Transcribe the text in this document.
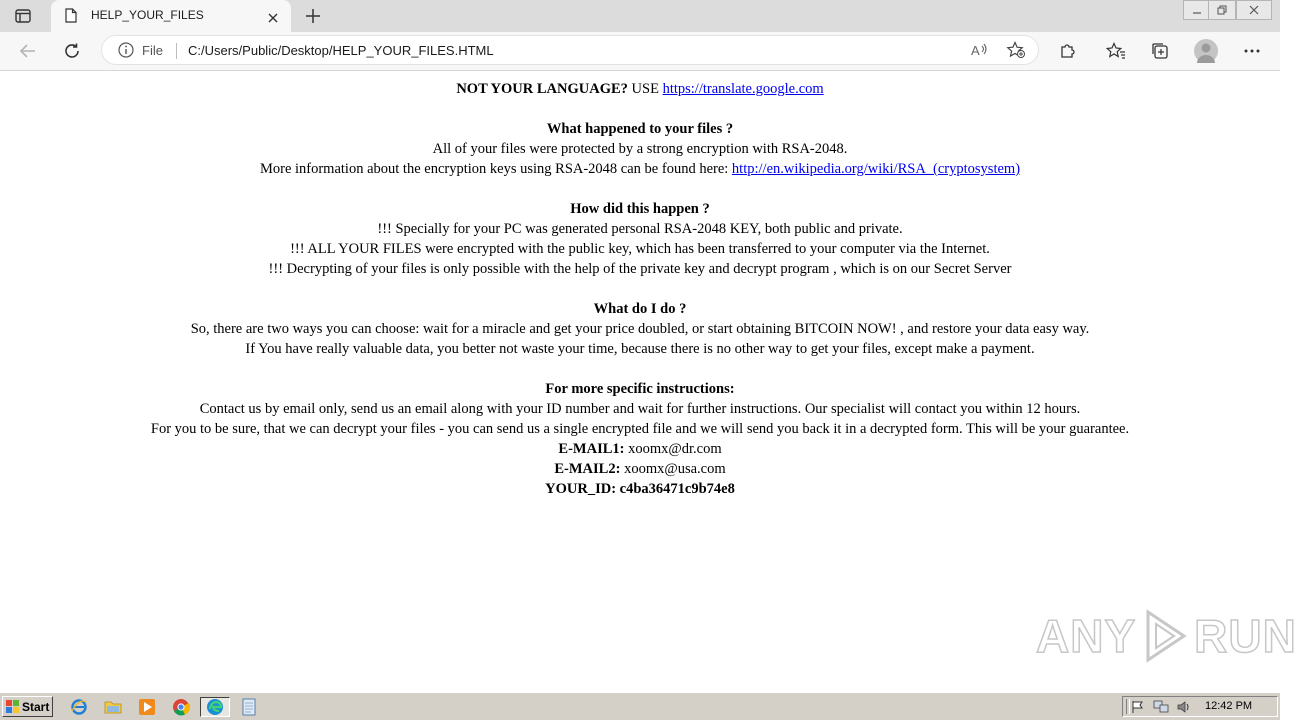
HELP_YOUR_FILES
File C:/Users/Public/Desktop/HELP_YOUR_FILES.HTML	A
NOT YOUR LANGUAGE? USE https://translate.google.com
What happened to your files ?
All of your files were protected by a strong encryption with RSA-2048.
More information about the encryption keys using RSA-2048 can be found here: http://en.wikipedia.org/wiki/RSA_(cryptosystem)
How did this happen ?
!!! Specially for your PC was generated personal RSA-2048 KEY, both public and private.
!!! ALL YOUR FILES were encrypted with the public key, which has been transferred to your computer via the Internet.
!!! Decrypting of your files is only possible with the help of the private key and decrypt program , which is on our Secret Server
What do I do ?
So, there are two ways you can choose: wait for a miracle and get your price doubled, or start obtaining BITCOIN NOW! , and restore your data easy way.
If You have really valuable data, you better not waste your time, because there is no other way to get your files, except make a payment.
For more specific instructions:
Contact us by email only, send us an email along with your ID number and wait for further instructions. Our specialist will contact you within 12 hours.
For you to be sure, that we can decrypt your files - you can send us a single encrypted file and we will send you back it in a decrypted form. This will be your guarantee.
E-MAIL1: xoomx@dr.com
E-MAIL2: xoomx@usa.com
YOUR_ID: c4ba36471c9b74e8
ANY RUN
Start	12:42 PM
